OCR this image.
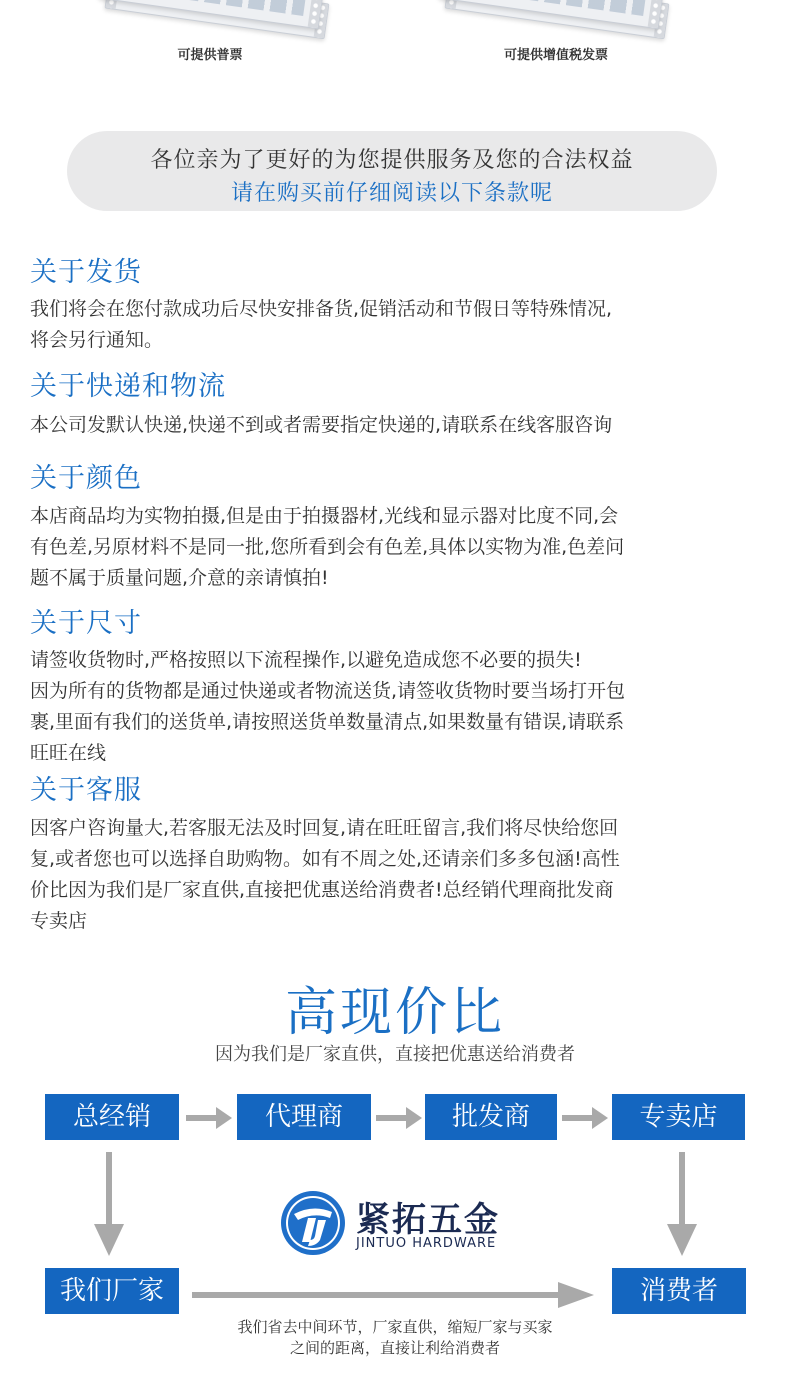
可提供普票	可提供增值税发票
各位亲为了更好的为您提供服务及您的合法权益
请在购买前仔细阅读以下条款呢
关于发货

我们将会在您付款成功后尽快安排备货,促销活动和节假日等特殊情况,

将会另行通知。

关于快递和物流

本公司发默认快递,快递不到或者需要指定快递的,请联系在线客服咨询

关于颜色

本店商品均为实物拍摄,但是由于拍摄器材,光线和显示器对比度不同,会

有色差,另原材料不是同一批,您所看到会有色差,具体以实物为准,色差问

题不属于质量问题,介意的亲请慎拍!

关于尺寸

请签收货物时,严格按照以下流程操作,以避免造成您不必要的损失!

因为所有的货物都是通过快递或者物流送货,请签收货物时要当场打开包

裹,里面有我们的送货单,请按照送货单数量清点,如果数量有错误,请联系

旺旺在线

关于客服

因客户咨询量大,若客服无法及时回复,请在旺旺留言,我们将尽快给您回

复,或者您也可以选择自助购物。如有不周之处,还请亲们多多包涵!高性

价比因为我们是厂家直供,直接把优惠送给消费者!总经销代理商批发商

专卖店

高现价比
因为我们是厂家直供，直接把优惠送给消费者
总经销	代理商	批发商	专卖店
紧拓五金
JINTUO HARDWARE
我们厂家	消费者
我们省去中间环节，厂家直供，缩短厂家与买家
之间的距离，直接让利给消费者
